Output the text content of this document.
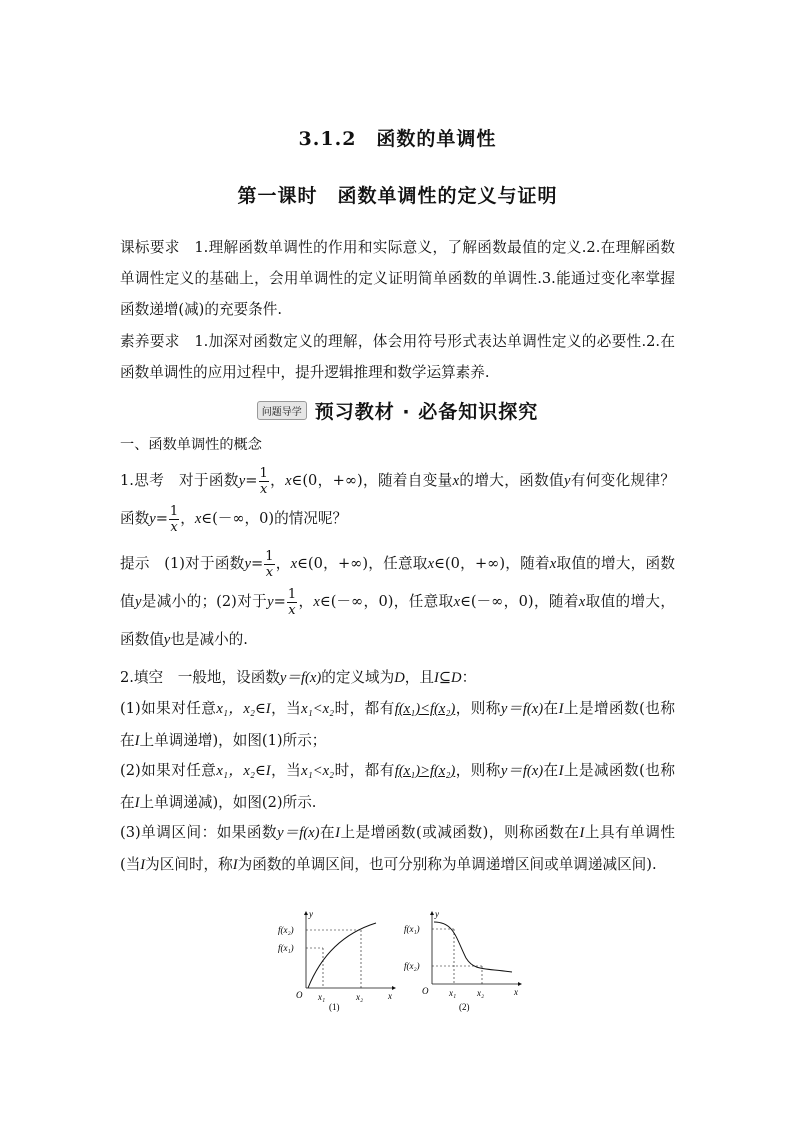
3.1.2　函数的单调性
第一课时　函数单调性的定义与证明
课标要求  1.理解函数单调性的作用和实际意义，了解函数最值的定义.2.在理解函数单调性定义的基础上，会用单调性的定义证明简单函数的单调性.3.能通过变化率掌握函数递增(减)的充要条件.
素养要求  1.加深对函数定义的理解，体会用符号形式表达单调性定义的必要性.2.在函数单调性的应用过程中，提升逻辑推理和数学运算素养.
问题导学 预习教材 · 必备知识探究
一、函数单调性的概念
1.思考  对于函数$y= \frac{1}{x}$ ，x∈(0，+∞)，随着自变量x的增大，函数值y有何变化规律？函数$y= \frac{1}{x}$ ，x∈(－∞，0)的情况呢？
提示  (1)对于函数$y= \frac{1}{x}$ ，x∈(0，+∞)，任意取x∈(0，+∞)，随着x取值的增大，函数值y是减小的；(2)对于$y= \frac{1}{x}$ ，x∈(－∞，0)，任意取x∈(－∞，0)，随着x取值的增大，函数值y也是减小的.
2.填空  一般地，设函数y＝f(x)的定义域为D，且I⊆D：
(1)如果对任意x₁，x₂∈I，当x₁<x₂时，都有f(x₁)<f(x₂)，则称y＝f(x)在I上是增函数(也称在I上单调递增)，如图(1)所示；
(2)如果对任意x₁，x₂∈I，当x₁<x₂时，都有f(x₁)>f(x₂)，则称y＝f(x)在I上是减函数(也称在I上单调递减)，如图(2)所示.
(3)单调区间：如果函数y＝f(x)在I上是增函数(或减函数)，则称函数在I上具有单调性(当I为区间时，称I为函数的单调区间，也可分别称为单调递增区间或单调递减区间).
y
x
O
f(x₂)
f(x₁)
x₁	x₂
(1)
y
x
O
f(x₁)
f(x₂)
x₁ x₂
(2)
